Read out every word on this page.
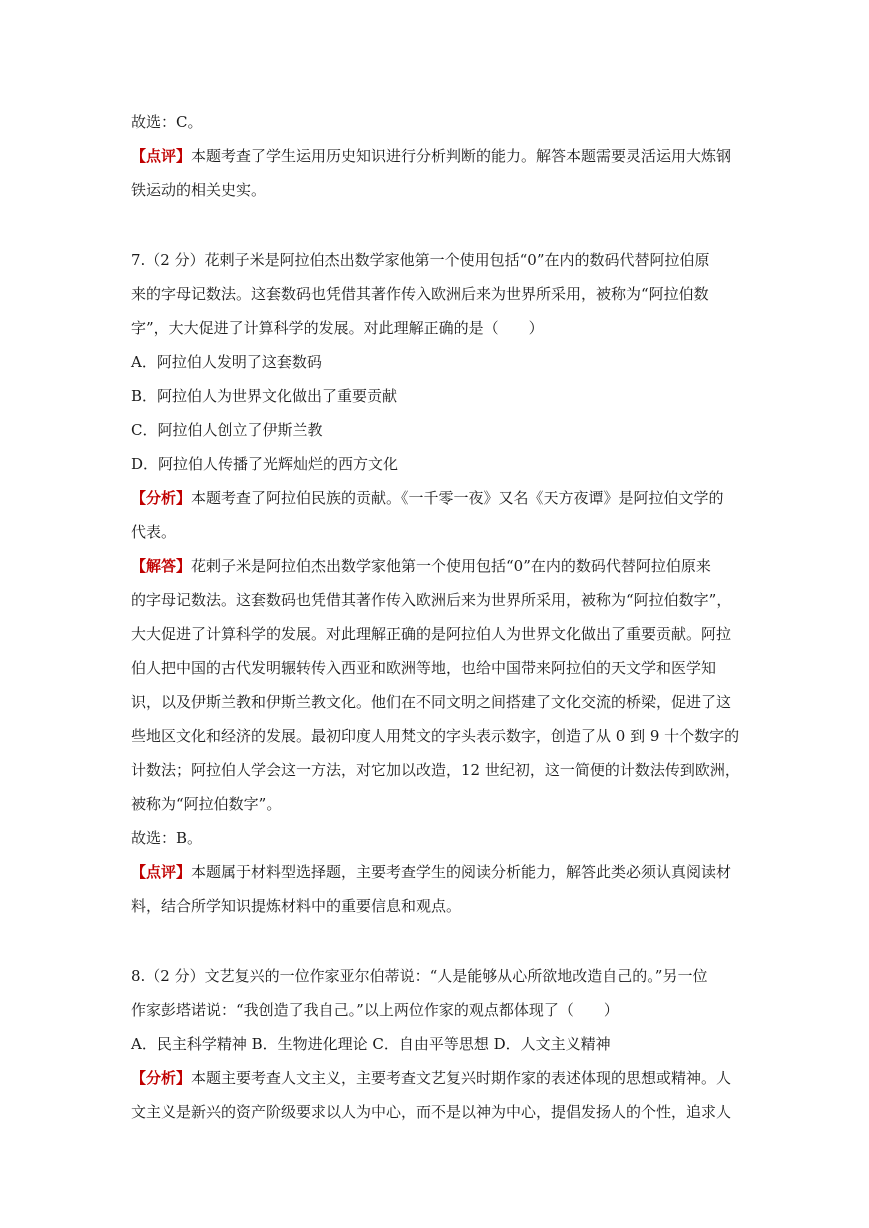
故选：C。
【点评】本题考查了学生运用历史知识进行分析判断的能力。解答本题需要灵活运用大炼钢
铁运动的相关史实。
7.（2 分）花剌子米是阿拉伯杰出数学家他第一个使用包括“0”在内的数码代替阿拉伯原
来的字母记数法。这套数码也凭借其著作传入欧洲后来为世界所采用，被称为“阿拉伯数
字”，大大促进了计算科学的发展。对此理解正确的是（　　）
A．阿拉伯人发明了这套数码
B．阿拉伯人为世界文化做出了重要贡献
C．阿拉伯人创立了伊斯兰教
D．阿拉伯人传播了光辉灿烂的西方文化
【分析】本题考查了阿拉伯民族的贡献。《一千零一夜》又名《天方夜谭》是阿拉伯文学的
代表。
【解答】花剌子米是阿拉伯杰出数学家他第一个使用包括“0”在内的数码代替阿拉伯原来
的字母记数法。这套数码也凭借其著作传入欧洲后来为世界所采用，被称为“阿拉伯数字”，
大大促进了计算科学的发展。对此理解正确的是阿拉伯人为世界文化做出了重要贡献。阿拉
伯人把中国的古代发明辗转传入西亚和欧洲等地，也给中国带来阿拉伯的天文学和医学知
识，以及伊斯兰教和伊斯兰教文化。他们在不同文明之间搭建了文化交流的桥梁，促进了这
些地区文化和经济的发展。最初印度人用梵文的字头表示数字，创造了从 0 到 9 十个数字的
计数法；阿拉伯人学会这一方法，对它加以改造，12 世纪初，这一简便的计数法传到欧洲，
被称为“阿拉伯数字”。
故选：B。
【点评】本题属于材料型选择题，主要考查学生的阅读分析能力，解答此类必须认真阅读材
料，结合所学知识提炼材料中的重要信息和观点。
8.（2 分）文艺复兴的一位作家亚尔伯蒂说：“人是能够从心所欲地改造自己的。”另一位
作家彭塔诺说：“我创造了我自己。”以上两位作家的观点都体现了（　　）
A．民主科学精神 B．生物进化理论 C．自由平等思想 D．人文主义精神
【分析】本题主要考查人文主义，主要考查文艺复兴时期作家的表述体现的思想或精神。人
文主义是新兴的资产阶级要求以人为中心，而不是以神为中心，提倡发扬人的个性，追求人
